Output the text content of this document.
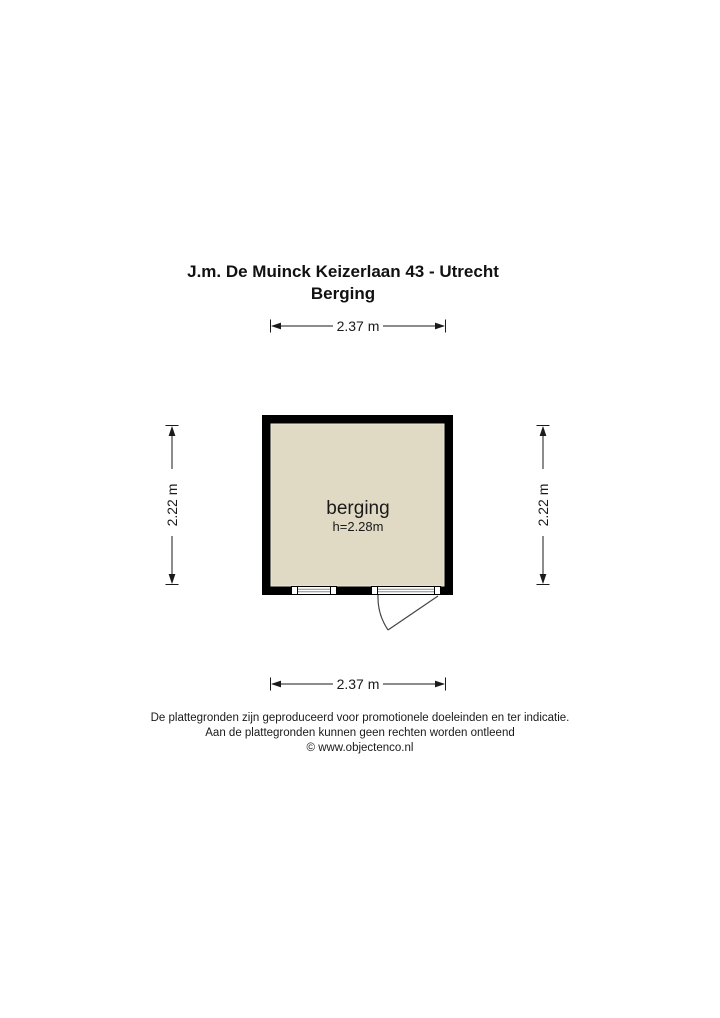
J.m. De Muinck Keizerlaan 43 - Utrecht
Berging
2.37 m
2.22 m	2.22 m
berging
h=2.28m
2.37 m
De plattegronden zijn geproduceerd voor promotionele doeleinden en ter indicatie.
Aan de plattegronden kunnen geen rechten worden ontleend
© www.objectenco.nl
